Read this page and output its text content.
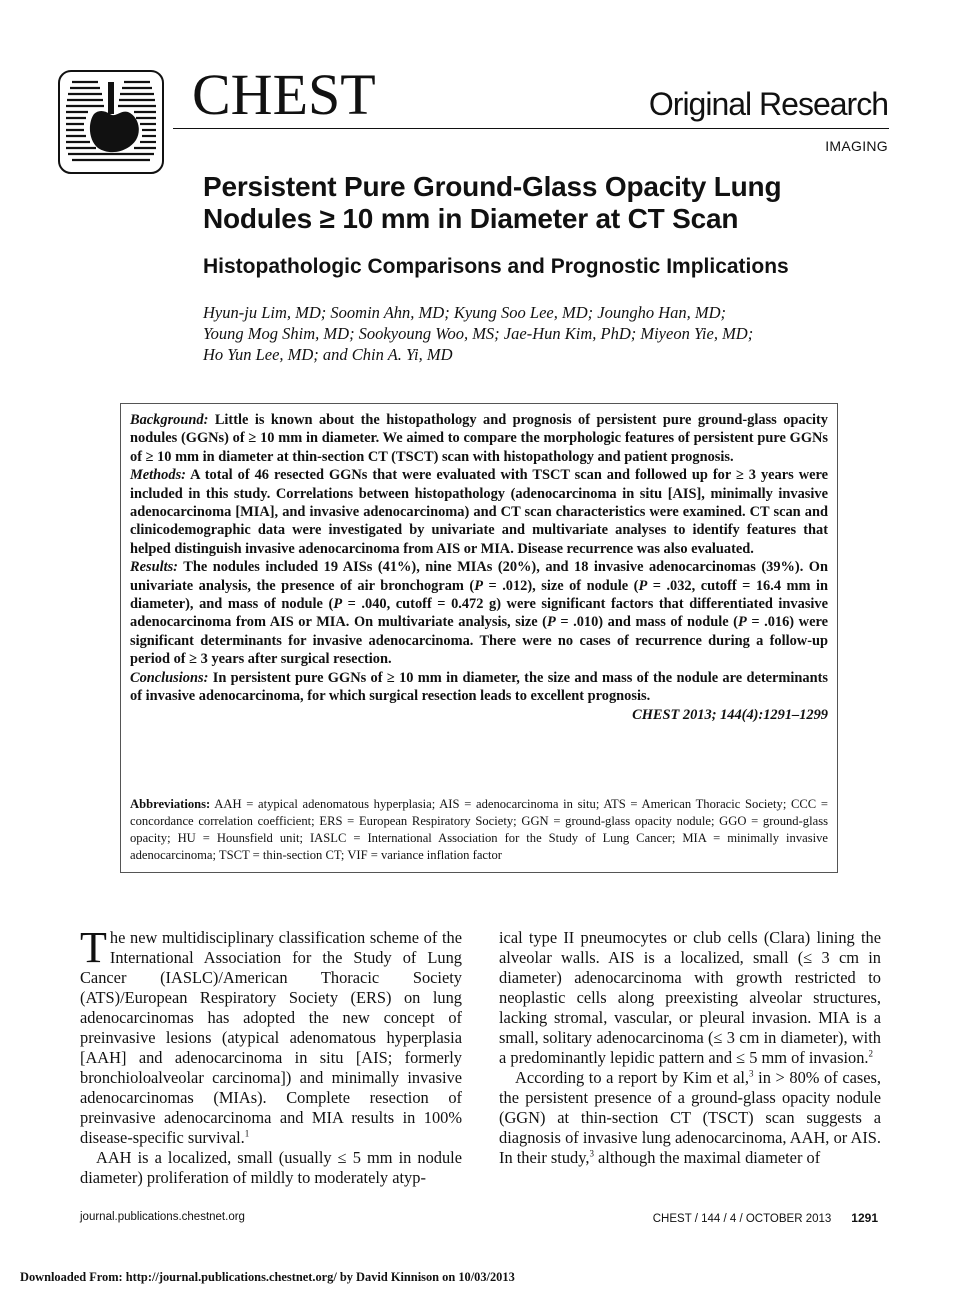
CHEST	Original Research
IMAGING
Persistent Pure Ground-Glass Opacity Lung
Nodules ≥ 10 mm in Diameter at CT Scan
Histopathologic Comparisons and Prognostic Implications
Hyun-ju Lim, MD; Soomin Ahn, MD; Kyung Soo Lee, MD; Joungho Han, MD;
Young Mog Shim, MD; Sookyoung Woo, MS; Jae-Hun Kim, PhD; Miyeon Yie, MD;
Ho Yun Lee, MD; and Chin A. Yi, MD

Background: Little is known about the histopathology and prognosis of persistent pure ground-glass opacity nodules (GGNs) of ≥ 10 mm in diameter. We aimed to compare the morphologic features of persistent pure GGNs of ≥ 10 mm in diameter at thin-section CT (TSCT) scan with histopathology and patient prognosis.

Methods: A total of 46 resected GGNs that were evaluated with TSCT scan and followed up for ≥ 3 years were included in this study. Correlations between histopathology (adenocarcinoma in situ [AIS], minimally invasive adenocarcinoma [MIA], and invasive adenocarcinoma) and CT scan characteristics were examined. CT scan and clinicodemographic data were investigated by univariate and multivariate analyses to identify features that helped distinguish invasive adenocarcinoma from AIS or MIA. Disease recurrence was also evaluated.

Results: The nodules included 19 AISs (41%), nine MIAs (20%), and 18 invasive adenocarcinomas (39%). On univariate analysis, the presence of air bronchogram (P = .012), size of nodule (P = .032, cutoff = 16.4 mm in diameter), and mass of nodule (P = .040, cutoff = 0.472 g) were significant factors that differentiated invasive adenocarcinoma from AIS or MIA. On multivariate analysis, size (P = .010) and mass of nodule (P = .016) were significant determinants for invasive adenocarcinoma. There were no cases of recurrence during a follow-up period of ≥ 3 years after surgical resection.

Conclusions: In persistent pure GGNs of ≥ 10 mm in diameter, the size and mass of the nodule are determinants of invasive adenocarcinoma, for which surgical resection leads to excellent prognosis.
CHEST 2013; 144(4):1291–1299

Abbreviations: AAH = atypical adenomatous hyperplasia; AIS = adenocarcinoma in situ; ATS = American Thoracic Society; CCC = concordance correlation coefficient; ERS = European Respiratory Society; GGN = ground-glass opacity nodule; GGO = ground-glass opacity; HU = Hounsfield unit; IASLC = International Association for the Study of Lung Cancer; MIA = minimally invasive adenocarcinoma; TSCT = thin-section CT; VIF = variance inflation factor

The new multidisciplinary classification scheme of the International Association for the Study of Lung Cancer (IASLC)/American Thoracic Society (ATS)/European Respiratory Society (ERS) on lung adenocarcinomas has adopted the new concept of preinvasive lesions (atypical adenomatous hyperplasia [AAH] and adenocarcinoma in situ [AIS; formerly bronchioloalveolar carcinoma]) and minimally invasive adenocarcinomas (MIAs). Complete resection of preinvasive adenocarcinoma and MIA results in 100% disease-specific survival.$^1$

AAH is a localized, small (usually ≤ 5 mm in nodule diameter) proliferation of mildly to moderately atyp-

ical type II pneumocytes or club cells (Clara) lining the alveolar walls. AIS is a localized, small (≤ 3 cm in diameter) adenocarcinoma with growth restricted to neoplastic cells along preexisting alveolar structures, lacking stromal, vascular, or pleural invasion. MIA is a small, solitary adenocarcinoma (≤ 3 cm in diameter), with a predominantly lepidic pattern and ≤ 5 mm of invasion.$^2$

According to a report by Kim et al,$^3$ in > 80% of cases, the persistent presence of a ground-glass opacity nodule (GGN) at thin-section CT (TSCT) scan suggests a diagnosis of invasive lung adenocarcinoma, AAH, or AIS. In their study,$^3$ although the maximal diameter of

journal.publications.chestnet.org	CHEST / 144 / 4 / OCTOBER 2013 1291
Downloaded From: http://journal.publications.chestnet.org/ by David Kinnison on 10/03/2013
